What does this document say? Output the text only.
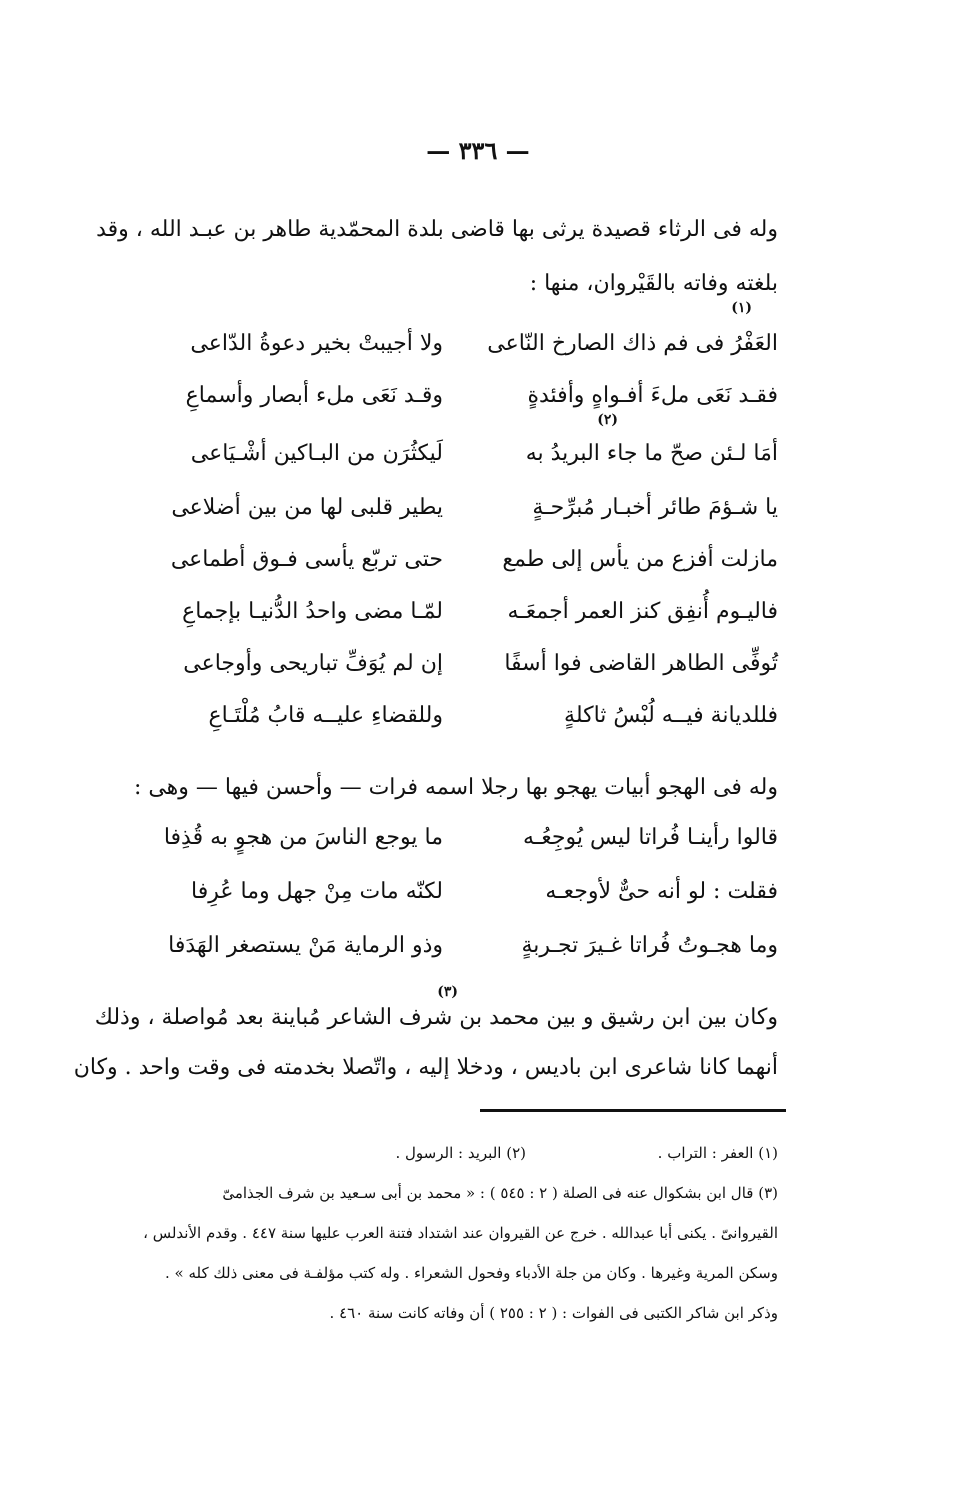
— ٣٣٦ —
وله فى الرثاء قصيدة يرثى بها قاضى بلدة المحمّدية طاهر بن عبـد الله ، وقد
بلغته وفاته بالقَيْروان، منها :
(١)
العَفْرُ فى فم ذاك الصارخ النّاعى
ولا أجيبتْ بخير دعوةُ الدّاعى
فقـد نَعَى ملءَ أفـواهٍ وأفئدةٍ
وقـد نَعَى ملء أبصار وأسماعِ
(٢)
أمَا لـئن صحّ ما جاء البريدُ به
لَيكثُرَن من البـاكين أشْـيَاعى
يا شـؤمَ طائر أخبـار مُبرِّحـةٍ
يطير قلبى لها من بين أضلاعى
مازلت أفزع من يأس إلى طمع
حتى تربّع يأسى فـوق أطماعى
فاليـوم أُنفِق كنز العمر أجمعَـه
لمّـا مضى واحدُ الدُّنيـا بإجماعِ
تُوفِّى الطاهر القاضى فوا أسفًا
إن لم يُوَفِّ تباريحى وأوجاعى
فللديانة فيــه لُبْسُ ثاكلةٍ
وللقضاءِ عليــه قابُ مُلْتَـاعِ
وله فى الهجو أبيات يهجو بها رجلا اسمه فرات — وأحسن فيها — وهى :
قالوا رأينـا فُراتا ليس يُوجِعُـه
ما يوجع الناسَ من هجوٍ به قُذِفا
فقلت : لو أنه حىٌّ لأوجعـه
لكنّه مات مِنْ جهل وما عُرِفا
وما هجـوتُ فُراتا غـيرَ تجـربةٍ
وذو الرماية مَنْ يستصغر الهَدَفا
(٣)
وكان بين ابن رشيق و بين محمد بن شرف الشاعر مُباينة بعد مُواصلة ، وذلك
أنهما كانا شاعرى ابن باديس ، ودخلا إليه ، واتّصلا بخدمته فى وقت واحد . وكان
(١) العفر : التراب .
(٢) البريد : الرسول .
(٣) قال ابن بشكوال عنه فى الصلة ( ٢ : ٥٤٥ ) : « محمد بن أبى سـعيد بن شرف الجذامىّ
القيروانىّ . يكنى أبا عبدالله . خرج عن القيروان عند اشتداد فتنة العرب عليها سنة ٤٤٧ . وقدم الأندلس ،
وسكن المرية وغيرها . وكان من جلة الأدباء وفحول الشعراء . وله كتب مؤلفـة فى معنى ذلك كله » .
وذكر ابن شاكر الكتبى فى الفوات : ( ٢ : ٢٥٥ ) أن وفاته كانت سنة ٤٦٠ .
